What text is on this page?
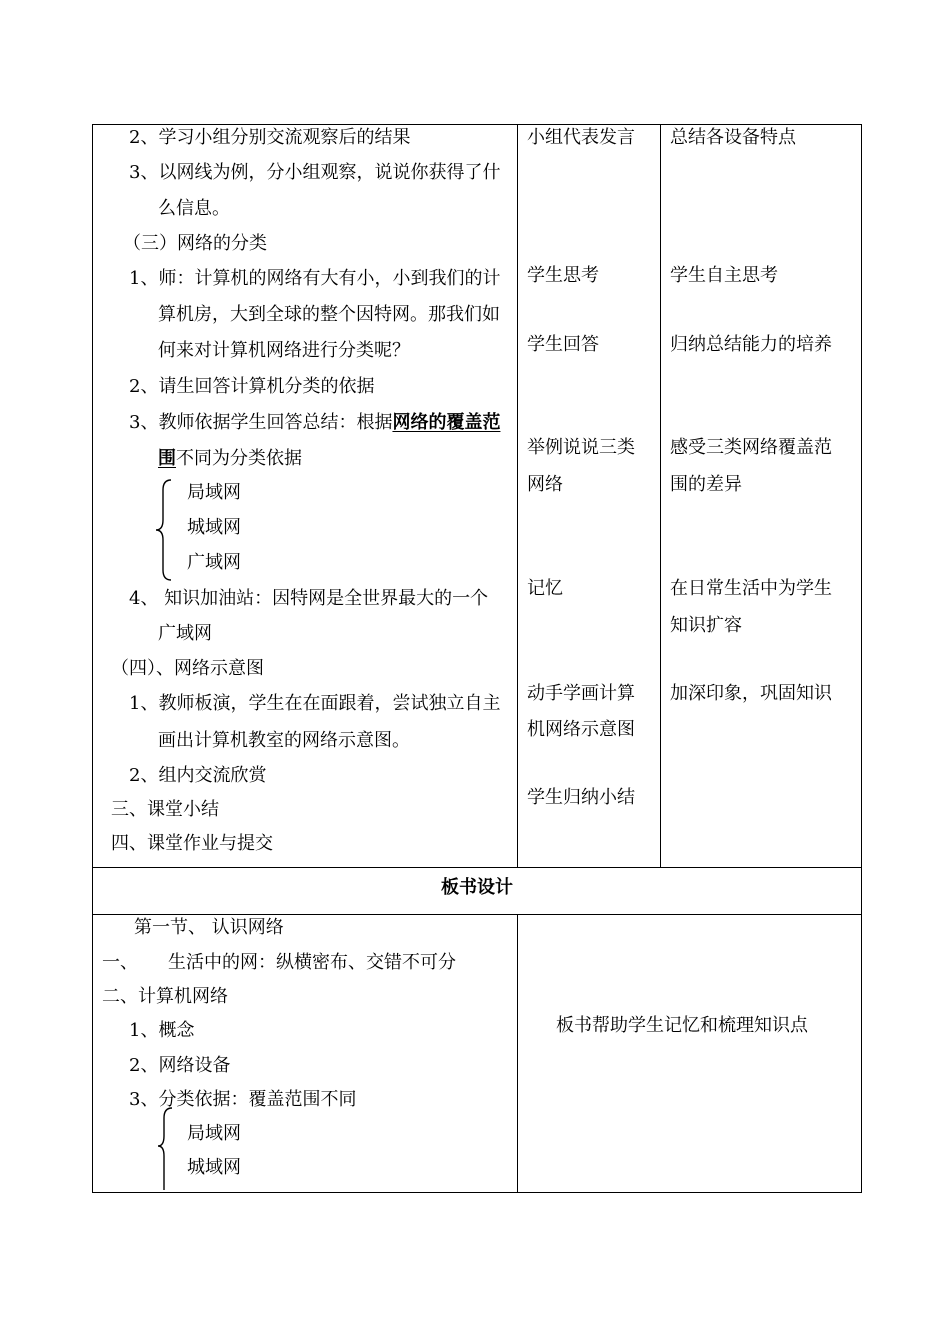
2、学习小组分别交流观察后的结果
3、以网线为例，分小组观察，说说你获得了什
么信息。
（三）网络的分类
1、师：计算机的网络有大有小，小到我们的计
算机房，大到全球的整个因特网。那我们如
何来对计算机网络进行分类呢？
2、请生回答计算机分类的依据
3、教师依据学生回答总结：根据网络的覆盖范
围不同为分类依据
局域网
城域网
广域网
4、 知识加油站：因特网是全世界最大的一个
广域网
（四）、网络示意图
1、教师板演，学生在在面跟着，尝试独立自主
画出计算机教室的网络示意图。
2、组内交流欣赏
三、课堂小结
四、课堂作业与提交
小组代表发言
学生思考
学生回答
举例说说三类
网络
记忆
动手学画计算
机网络示意图
学生归纳小结
总结各设备特点
学生自主思考
归纳总结能力的培养
感受三类网络覆盖范
围的差异
在日常生活中为学生
知识扩容
加深印象，巩固知识
板书设计
第一节、 认识网络
一、 生活中的网：纵横密布、交错不可分
二、计算机网络
1、概念
2、网络设备
3、分类依据：覆盖范围不同
局域网
城域网
板书帮助学生记忆和梳理知识点
